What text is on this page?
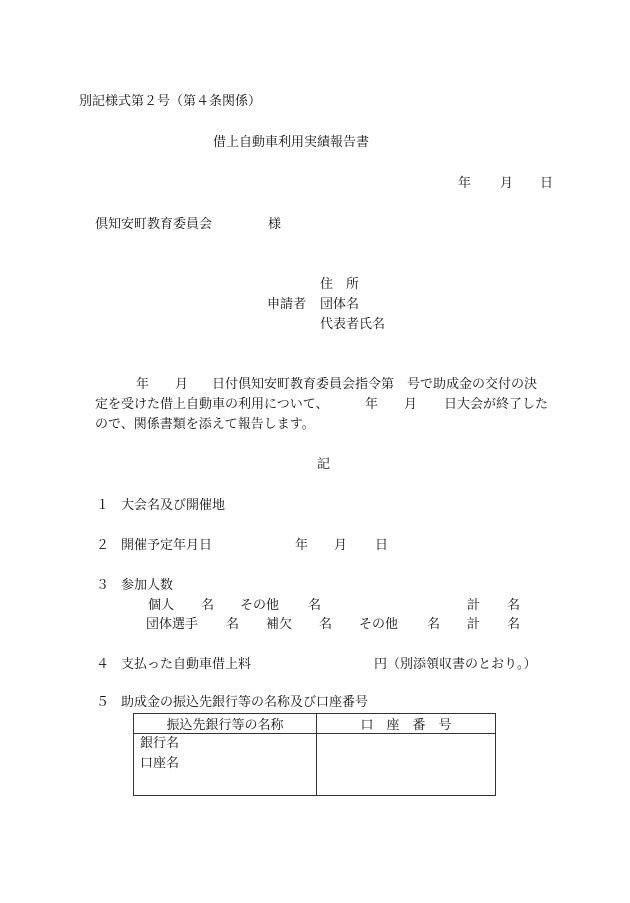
別記様式第２号（第４条関係）
借上自動車利用実績報告書
年 月 日
倶知安町教育委員会	様
住　所
申請者 団体名
代表者氏名
年 月 日付倶知安町教育委員会指令第　号で助成金の交付の決
定を受けた借上自動車の利用について、	年 月 日大会が終了した
ので、関係書類を添えて報告します。
記
１ 大会名及び開催地
２ 開催予定年月日	年 月 日
３ 参加人数
個人 名 その他 名	計 名
団体選手 名 補欠 名 その他 名 計 名
４ 支払った自動車借上料	円（別添領収書のとおり。）
５ 助成金の振込先銀行等の名称及び口座番号
振込先銀行等の名称	口　座　番　号

銀行名
口座名	
